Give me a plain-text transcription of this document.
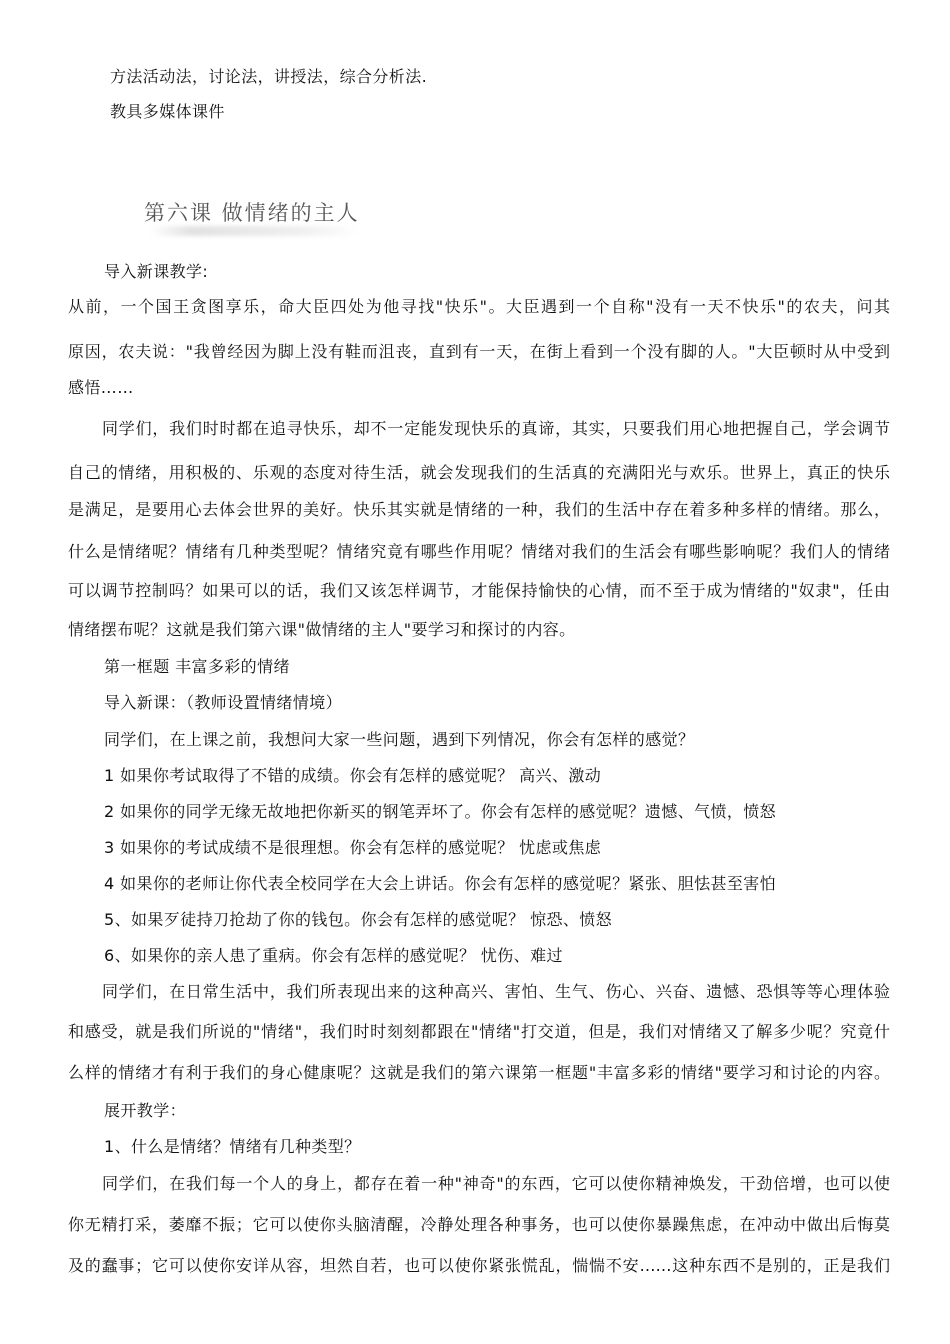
方法活动法，讨论法，讲授法，综合分析法.
教具多媒体课件
第六课 做情绪的主人
导入新课教学:
从前，一个国王贪图享乐，命大臣四处为他寻找"快乐"。大臣遇到一个自称"没有一天不快乐"的农夫，问其
原因，农夫说："我曾经因为脚上没有鞋而沮丧，直到有一天，在街上看到一个没有脚的人。"大臣顿时从中受到
感悟……
同学们，我们时时都在追寻快乐，却不一定能发现快乐的真谛，其实，只要我们用心地把握自己，学会调节
自己的情绪，用积极的、乐观的态度对待生活，就会发现我们的生活真的充满阳光与欢乐。世界上，真正的快乐
是满足，是要用心去体会世界的美好。快乐其实就是情绪的一种，我们的生活中存在着多种多样的情绪。那么，
什么是情绪呢？情绪有几种类型呢？情绪究竟有哪些作用呢？情绪对我们的生活会有哪些影响呢？我们人的情绪
可以调节控制吗？如果可以的话，我们又该怎样调节，才能保持愉快的心情，而不至于成为情绪的"奴隶"，任由
情绪摆布呢？这就是我们第六课"做情绪的主人"要学习和探讨的内容。
第一框题 丰富多彩的情绪
导入新课：（教师设置情绪情境）
同学们，在上课之前，我想问大家一些问题，遇到下列情况，你会有怎样的感觉？
1 如果你考试取得了不错的成绩。你会有怎样的感觉呢？ 高兴、激动
2 如果你的同学无缘无故地把你新买的钢笔弄坏了。你会有怎样的感觉呢？遗憾、气愤，愤怒
3 如果你的考试成绩不是很理想。你会有怎样的感觉呢？ 忧虑或焦虑
4 如果你的老师让你代表全校同学在大会上讲话。你会有怎样的感觉呢？紧张、胆怯甚至害怕
5、如果歹徒持刀抢劫了你的钱包。你会有怎样的感觉呢？ 惊恐、愤怒
6、如果你的亲人患了重病。你会有怎样的感觉呢？ 忧伤、难过
同学们，在日常生活中，我们所表现出来的这种高兴、害怕、生气、伤心、兴奋、遗憾、恐惧等等心理体验
和感受，就是我们所说的"情绪"，我们时时刻刻都跟在"情绪"打交道，但是，我们对情绪又了解多少呢？究竟什
么样的情绪才有利于我们的身心健康呢？这就是我们的第六课第一框题"丰富多彩的情绪"要学习和讨论的内容。
展开教学：
1、什么是情绪？情绪有几种类型？
同学们，在我们每一个人的身上，都存在着一种"神奇"的东西，它可以使你精神焕发，干劲倍增，也可以使
你无精打采，萎靡不振；它可以使你头脑清醒，冷静处理各种事务，也可以使你暴躁焦虑，在冲动中做出后悔莫
及的蠢事；它可以使你安详从容，坦然自若，也可以使你紧张慌乱，惴惴不安……这种东西不是别的，正是我们
